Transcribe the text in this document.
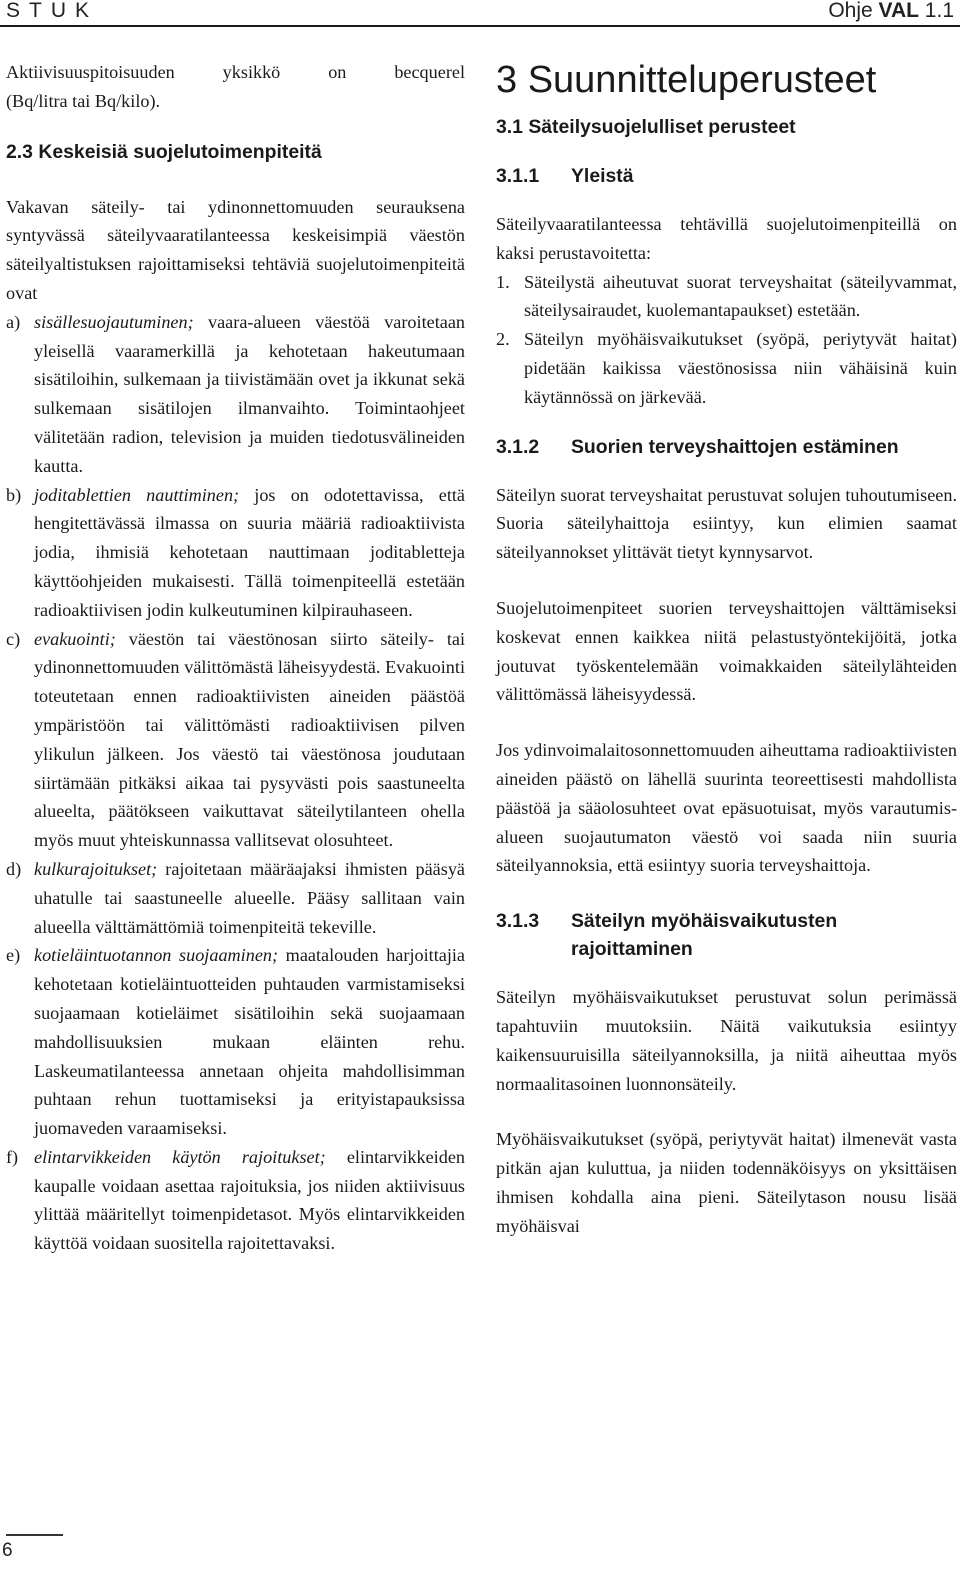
STUK	Ohje VAL 1.1

Aktiivisuuspitoisuuden yksikkö on becquerel

(Bq/litra tai Bq/kilo).

2.3 Keskeisiä suojelutoimenpiteitä

Vakavan säteily- tai ydinonnettomuuden seurauksena syntyvässä säteilyvaaratilanteessa keskeisimpiä väestön säteilyaltistuksen rajoittamiseksi tehtäviä suojelutoimenpiteitä ovat

a) sisällesuojautuminen; vaara-alueen väestöä varoitetaan yleisellä vaaramerkillä ja kehotetaan hakeutumaan sisätiloihin, sulkemaan ja tiivistämään ovet ja ikkunat sekä sulkemaan sisätilojen ilmanvaihto. Toimintaohjeet välitetään radion, television ja muiden tiedotusvälineiden kautta.
b) joditablettien nauttiminen; jos on odotettavissa, että hengitettävässä ilmassa on suuria määriä radioaktiivista jodia, ihmisiä kehotetaan nauttimaan joditabletteja käyttöohjeiden mukaisesti. Tällä toimenpiteellä estetään radioaktiivisen jodin kulkeutuminen kilpirauhaseen.
c) evakuointi; väestön tai väestönosan siirto säteily- tai ydinonnettomuuden välittömästä läheisyydestä. Evakuointi toteutetaan ennen radioaktiivisten aineiden päästöä ympäristöön tai välittömästi radioaktiivisen pilven ylikulun jälkeen. Jos väestö tai väestönosa joudutaan siirtämään pitkäksi aikaa tai pysyvästi pois saastuneelta alueelta, päätökseen vaikuttavat säteilytilanteen ohella myös muut yhteiskunnassa vallitsevat olosuhteet.
d) kulkurajoitukset; rajoitetaan määräajaksi ihmisten pääsyä uhatulle tai saastuneelle alueelle. Pääsy sallitaan vain alueella välttämättömiä toimenpiteitä tekeville.
e) kotieläintuotannon suojaaminen; maatalouden harjoittajia kehotetaan kotieläintuotteiden puhtauden varmistamiseksi suojaamaan kotieläimet sisätiloihin sekä suojaamaan mahdollisuuksien mukaan eläinten rehu. Laskeumatilanteessa annetaan ohjeita mahdollisimman puhtaan rehun tuottamiseksi ja erityistapauksissa juomaveden varaamiseksi.
f) elintarvikkeiden käytön rajoitukset; elintarvikkeiden kaupalle voidaan asettaa rajoituksia, jos niiden aktiivisuus ylittää määritellyt toimenpidetasot. Myös elintarvikkeiden käyttöä voidaan suositella rajoitettavaksi.
3 Suunnitteluperusteet
3.1 Säteilysuojelulliset perusteet
3.1.1	Yleistä

Säteilyvaaratilanteessa tehtävillä suojelutoimenpiteillä on kaksi perustavoitetta:

1. Säteilystä aiheutuvat suorat terveyshaitat (säteilyvammat, säteilysairaudet, kuolemantapaukset) estetään.
2. Säteilyn myöhäisvaikutukset (syöpä, periytyvät haitat) pidetään kaikissa väestönosissa niin vähäisinä kuin käytännössä on järkevää.
3.1.2	Suorien terveyshaittojen estäminen

Säteilyn suorat terveyshaitat perustuvat solujen tuhoutumiseen. Suoria säteilyhaittoja esiintyy, kun elimien saamat säteilyannokset ylittävät tietyt kynnysarvot.

Suojelutoimenpiteet suorien terveyshaittojen välttämiseksi koskevat ennen kaikkea niitä pelastustyöntekijöitä, jotka joutuvat työskentelemään voimakkaiden säteilylähteiden välittömässä läheisyydessä.

Jos ydinvoimalaitosonnettomuuden aiheuttama radioaktiivisten aineiden päästö on lähellä suurinta teoreettisesti mahdollista päästöä ja sääolosuhteet ovat epäsuotuisat, myös varautumisalueen suojautumaton väestö voi saada niin suuria säteilyannoksia, että esiintyy suoria terveyshaittoja.

3.1.3	Säteilyn myöhäisvaikutusten rajoittaminen

Säteilyn myöhäisvaikutukset perustuvat solun perimässä tapahtuviin muutoksiin. Näitä vaikutuksia esiintyy kaikensuuruisilla säteilyannoksilla, ja niitä aiheuttaa myös normaalitasoinen luonnonsäteily.

Myöhäisvaikutukset (syöpä, periytyvät haitat) ilmenevät vasta pitkän ajan kuluttua, ja niiden todennäköisyys on yksittäisen ihmisen kohdalla aina pieni. Säteilytason nousu lisää myöhäisvai

6
